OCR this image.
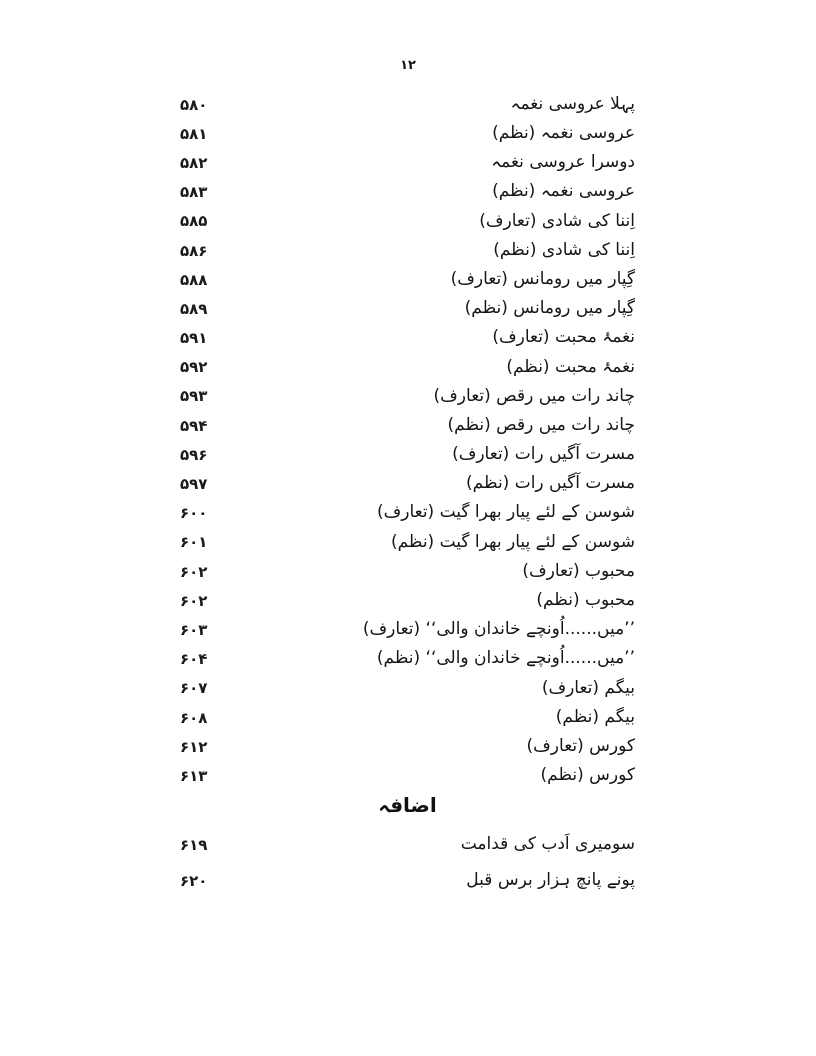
۱۲
پہلا عروسی نغمہ
۵۸۰
عروسی نغمہ (نظم)
۵۸۱
دوسرا عروسی نغمہ
۵۸۲
عروسی نغمہ (نظم)
۵۸۳
اِننا کی شادی (تعارف)
۵۸۵
اِننا کی شادی (نظم)
۵۸۶
گِپار میں رومانس (تعارف)
۵۸۸
گِپار میں رومانس (نظم)
۵۸۹
نغمۂ محبت (تعارف)
۵۹۱
نغمۂ محبت (نظم)
۵۹۲
چاند رات میں رقص (تعارف)
۵۹۳
چاند رات میں رقص (نظم)
۵۹۴
مسرت آگیں رات (تعارف)
۵۹۶
مسرت آگیں رات (نظم)
۵۹۷
شوسن کے لئے پیار بھرا گیت (تعارف)
۶۰۰
شوسن کے لئے پیار بھرا گیت (نظم)
۶۰۱
محبوب (تعارف)
۶۰۲
محبوب (نظم)
۶۰۲
’’میں......اُونچے خاندان والی‘‘ (تعارف)
۶۰۳
’’میں......اُونچے خاندان والی‘‘ (نظم)
۶۰۴
بیگم (تعارف)
۶۰۷
بیگم (نظم)
۶۰۸
کورس (تعارف)
۶۱۲
کورس (نظم)
۶۱۳
اضافہ
سومیری اَدب کی قدامت
۶۱۹
پونے پانچ ہزار برس قبل
۶۲۰
